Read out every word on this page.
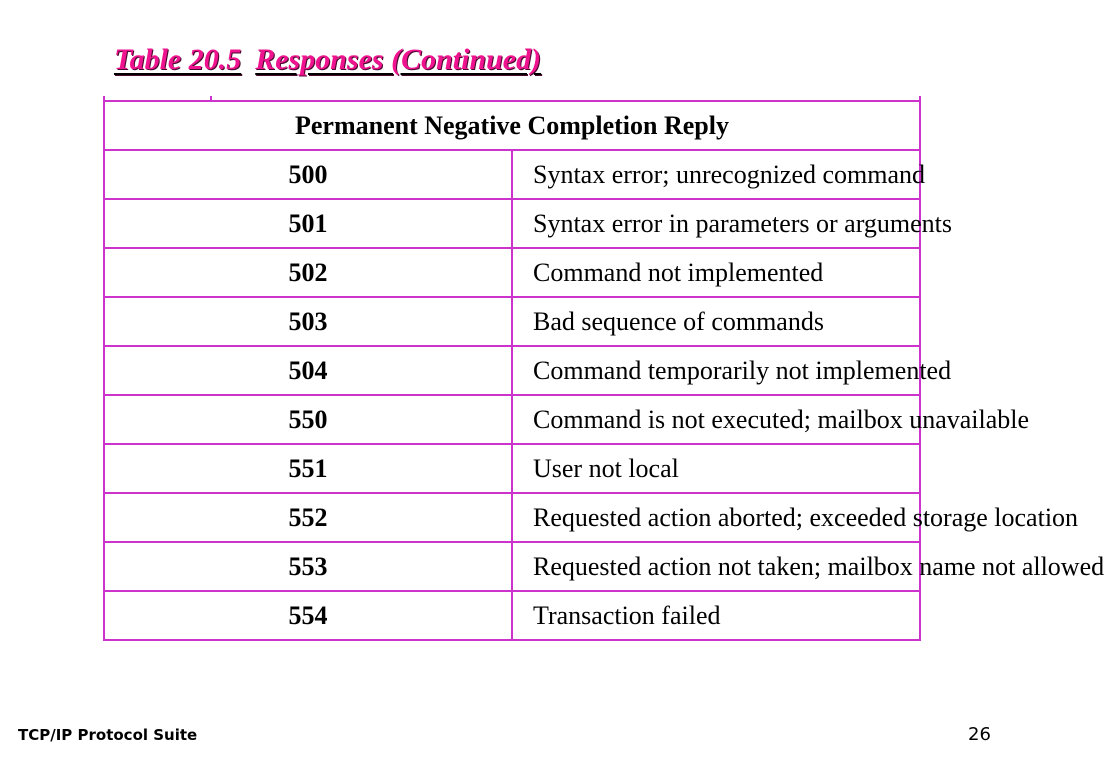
Table 20.5 Responses (Continued)
Permanent Negative Completion Reply	
500	Syntax error; unrecognized command
501	Syntax error in parameters or arguments
502	Command not implemented
503	Bad sequence of commands
504	Command temporarily not implemented
550	Command is not executed; mailbox unavailable
551	User not local
552	Requested action aborted; exceeded storage location
553	Requested action not taken; mailbox name not allowed
554	Transaction failed
TCP/IP Protocol Suite	26
